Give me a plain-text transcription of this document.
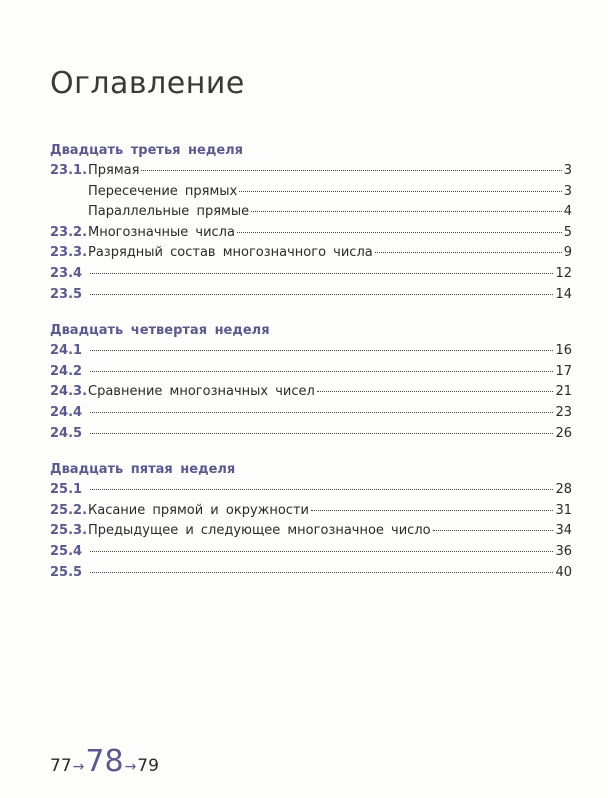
Оглавление
Двадцать третья неделя
23.1. Прямая	3
Пересечение прямых	3
Параллельные прямые	4
23.2. Многозначные числа	5
23.3. Разрядный состав многозначного числа	9
23.4	12
23.5	14
Двадцать четвертая неделя
24.1	16
24.2	17
24.3. Сравнение многозначных чисел	21
24.4	23
24.5	26
Двадцать пятая неделя
25.1	28
25.2. Касание прямой и окружности	31
25.3. Предыдущее и следующее многозначное число	34
25.4	36
25.5	40
77 → 78 → 79
